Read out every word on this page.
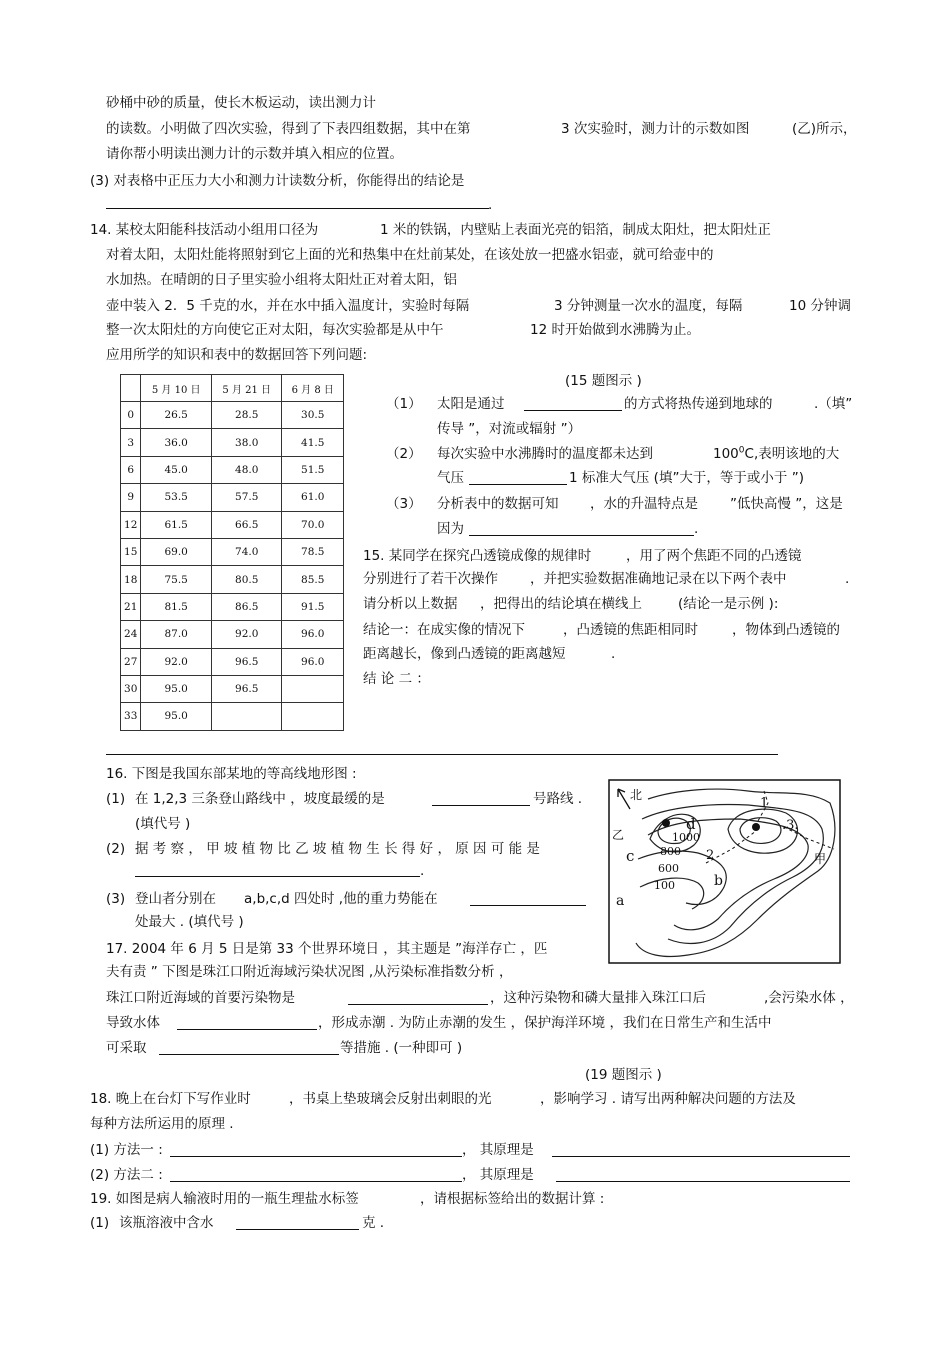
砂桶中砂的质量，使长木板运动，读出测力计
的读数。小明做了四次实验，得到了下表四组数据，其中在第	3 次实验时，测力计的示数如图	(乙)所示，
请你帮小明读出测力计的示数并填入相应的位置。
(3) 对表格中正压力大小和测力计读数分析，你能得出的结论是
.
14. 某校太阳能科技活动小组用口径为	1 米的铁锅，内壁贴上表面光亮的铝箔，制成太阳灶，把太阳灶正
对着太阳，太阳灶能将照射到它上面的光和热集中在灶前某处，在该处放一把盛水铝壶，就可给壶中的
水加热。在晴朗的日子里实验小组将太阳灶正对着太阳，铝
壶中装入 2．5 千克的水，并在水中插入温度计，实验时每隔	3 分钟测量一次水的温度，每隔	10 分钟调
整一次太阳灶的方向使它正对太阳，每次实验都是从中午	12 时开始做到水沸腾为止。
应用所学的知识和表中的数据回答下列问题:
	5 月 10 日	5 月 21 日	6 月 8 日
0	26.5	28.5	30.5
3	36.0	38.0	41.5
6	45.0	48.0	51.5
9	53.5	57.5	61.0
12	61.5	66.5	70.0
15	69.0	74.0	78.5
18	75.5	80.5	85.5
21	81.5	86.5	91.5
24	87.0	92.0	96.0
27	92.0	96.5	96.0
30	95.0	96.5	
33	95.0		
(15 题图示 )
（1） 太阳是通过	的方式将热传递到地球的	.（填”
传导 ”，对流或辐射 ”）
（2） 每次实验中水沸腾时的温度都未达到	$100^0C$,表明该地的大
气压	1 标准大气压 (填”大于，等于或小于 ”)
（3） 分析表中的数据可知 ，水的升温特点是 ”低快高慢 ”，这是
因为	.
15. 某同学在探究凸透镜成像的规律时	，用了两个焦距不同的凸透镜
分别进行了若干次操作 ，并把实验数据准确地记录在以下两个表中	.
请分析以上数据 ，把得出的结论填在横线上	(结论一是示例 ):
结论一：在成实像的情况下	，凸透镜的焦距相同时	，物体到凸透镜的
距离越长，像到凸透镜的距离越短	.
结 论 二 ：
16. 下图是我国东部某地的等高线地形图 :
(1) 在 1,2,3 三条登山路线中 ，坡度最缓的是	号路线 .
(填代号 )
(2) 据 考 察 ， 甲 坡 植 物 比 乙 坡 植 物 生 长 得 好 ， 原 因 可 能 是
.
(3) 登山者分别在 a,b,c,d 四处时 ,他的重力势能在
处最大 . (填代号 )
北
乙
甲
d
c
b
a
1000
800
600
100
1
2
.3.
17. 2004 年 6 月 5 日是第 33 个世界环境日 ，其主题是 ”海洋存亡 ，匹
夫有责 ” 下图是珠江口附近海域污染状况图 ,从污染标准指数分析 ，
珠江口附近海域的首要污染物是	，这种污染物和磷大量排入珠江口后	,会污染水体 ，
导致水体	，形成赤潮 . 为防止赤潮的发生 ，保护海洋环境 ，我们在日常生产和生活中
可采取	等措施 . (一种即可 )
(19 题图示 )
18. 晚上在台灯下写作业时	，书桌上垫玻璃会反射出刺眼的光	，影响学习 . 请写出两种解决问题的方法及
每种方法所运用的原理 .
(1) 方法一 :	， 其原理是
(2) 方法二 :	， 其原理是
19. 如图是病人输液时用的一瓶生理盐水标签	，请根据标签给出的数据计算 :
(1) 该瓶溶液中含水	克 .
